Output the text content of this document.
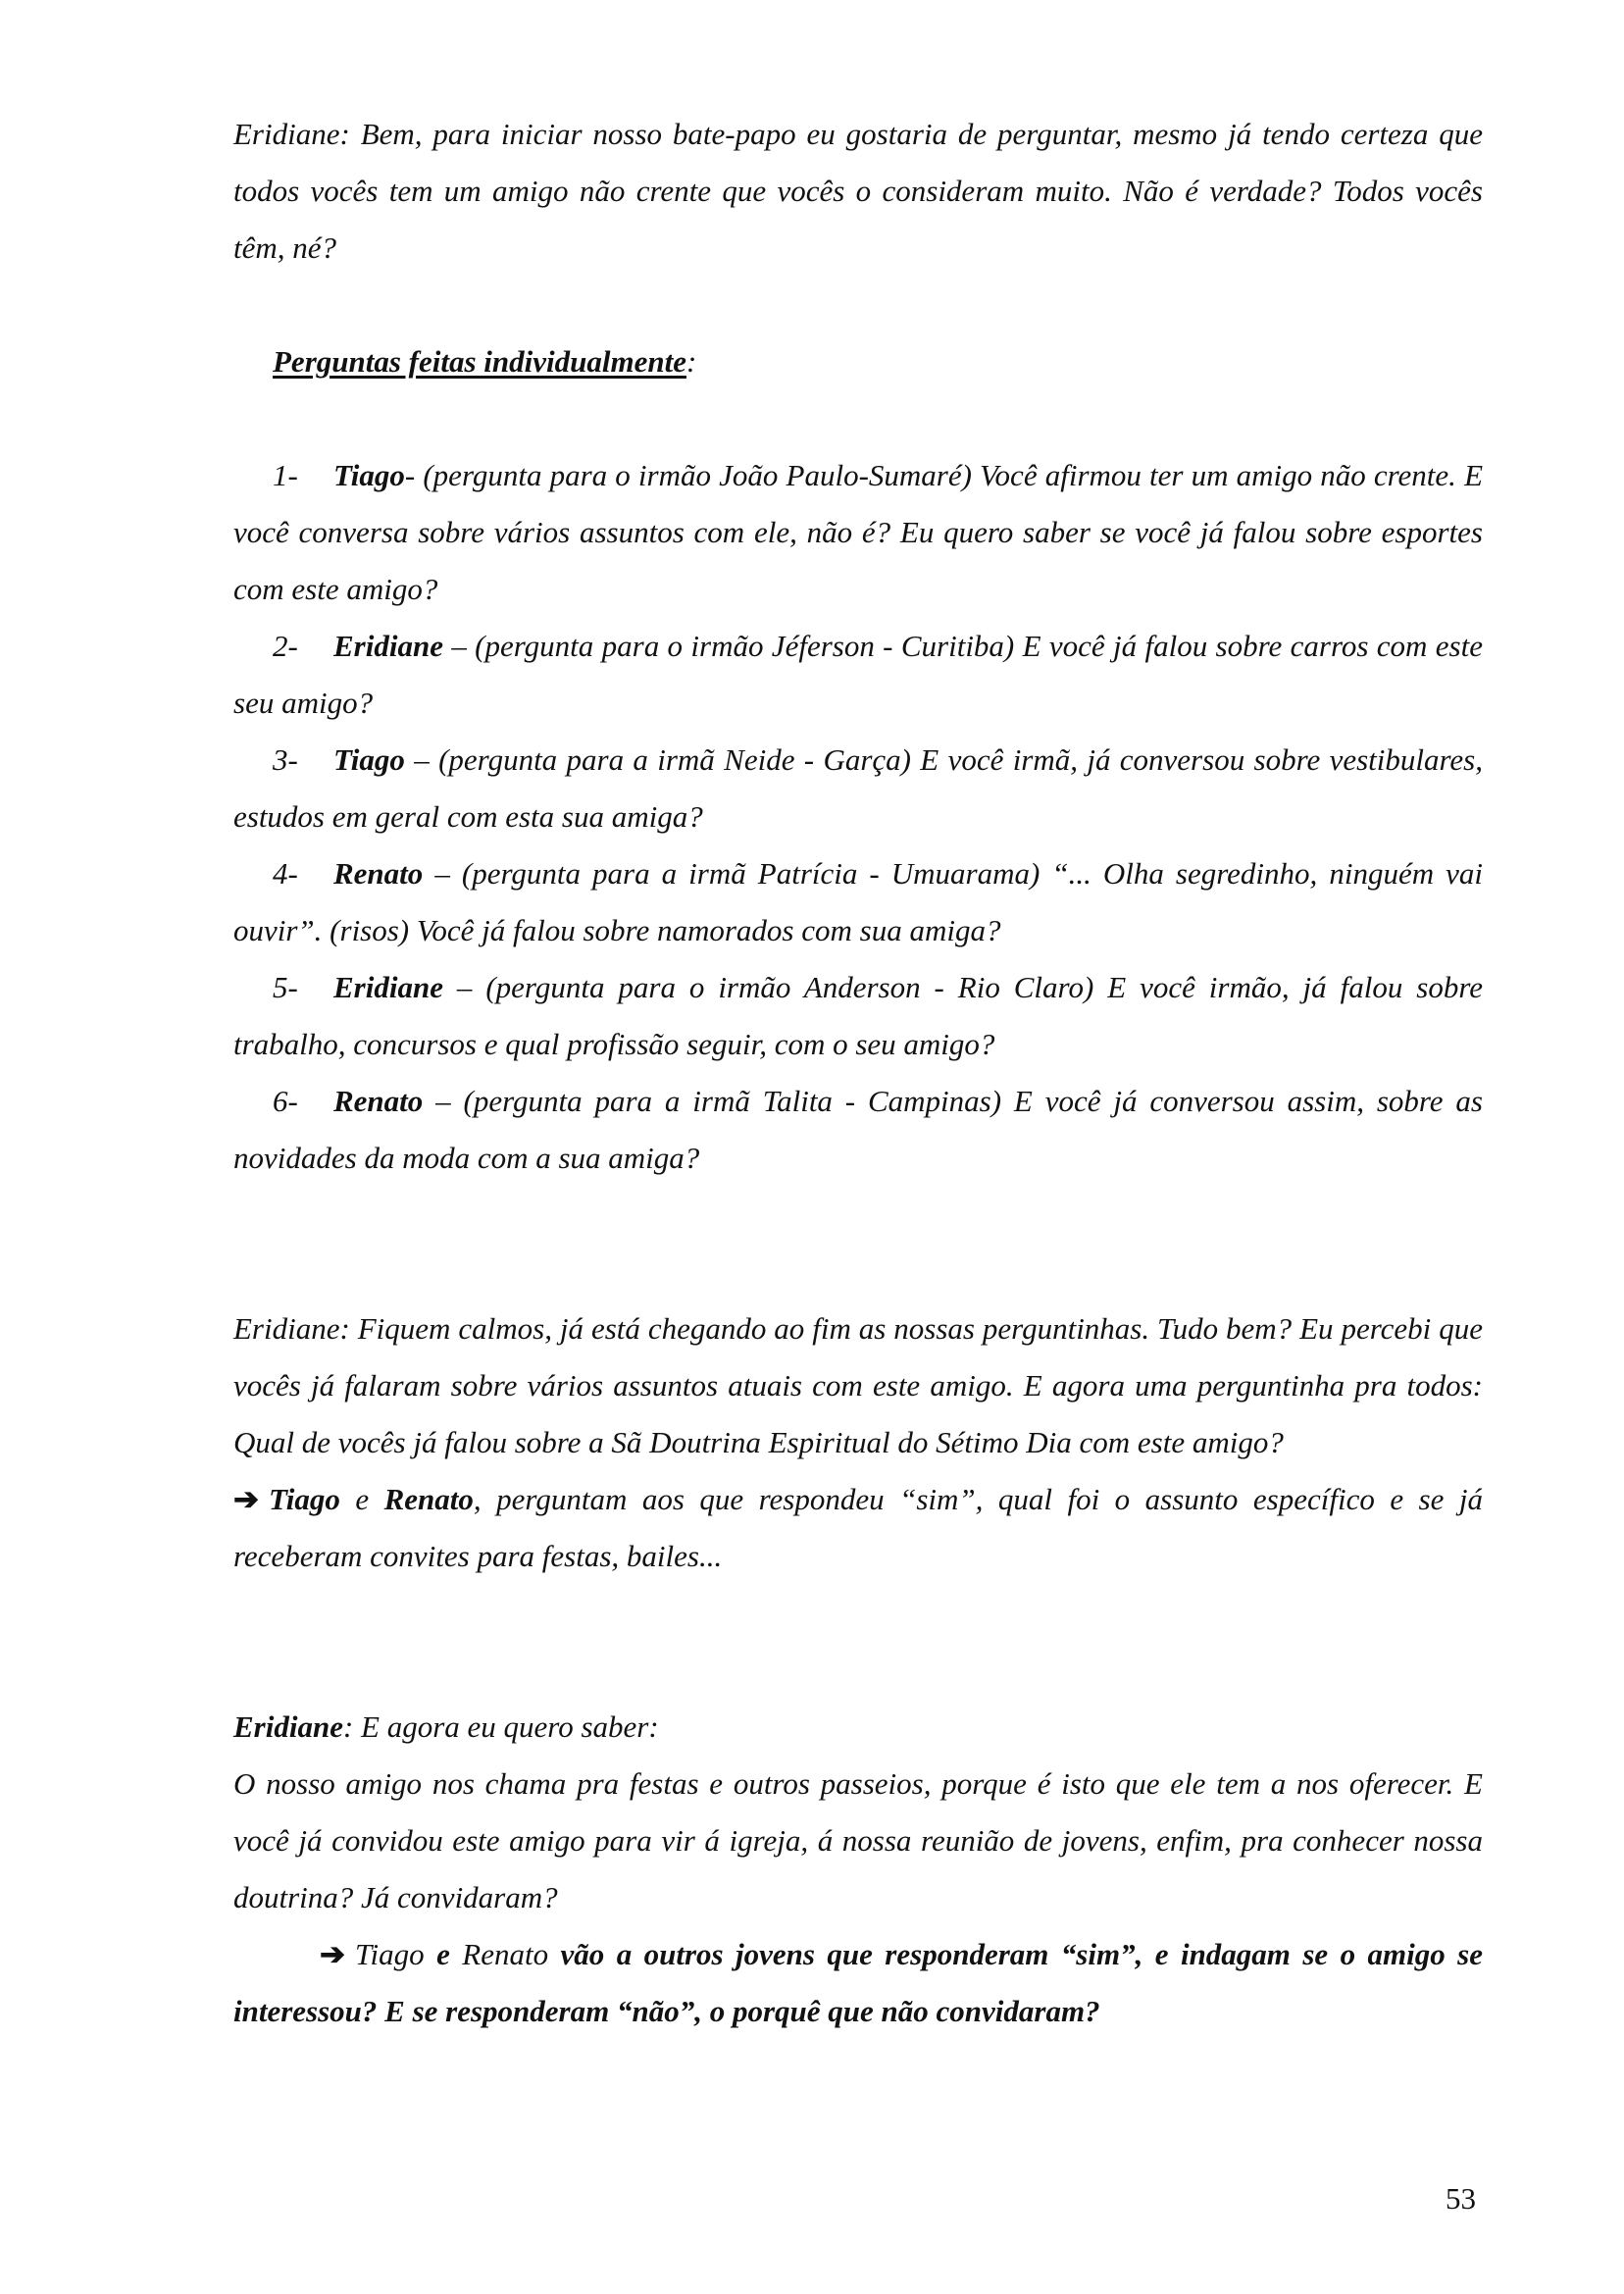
Eridiane: Bem, para iniciar nosso bate-papo eu gostaria de perguntar, mesmo já tendo certeza que todos vocês tem um amigo não crente que vocês o consideram muito. Não é verdade? Todos vocês têm, né?

Perguntas feitas individualmente:

1- Tiago- (pergunta para o irmão João Paulo-Sumaré) Você afirmou ter um amigo não crente. E você conversa sobre vários assuntos com ele, não é? Eu quero saber se você já falou sobre esportes com este amigo?

2- Eridiane – (pergunta para o irmão Jéferson - Curitiba) E você já falou sobre carros com este seu amigo?

3- Tiago – (pergunta para a irmã Neide - Garça) E você irmã, já conversou sobre vestibulares, estudos em geral com esta sua amiga?

4- Renato – (pergunta para a irmã Patrícia - Umuarama) “... Olha segredinho, ninguém vai ouvir”. (risos) Você já falou sobre namorados com sua amiga?

5- Eridiane – (pergunta para o irmão Anderson - Rio Claro) E você irmão, já falou sobre trabalho, concursos e qual profissão seguir, com o seu amigo?

6- Renato – (pergunta para a irmã Talita - Campinas) E você já conversou assim, sobre as novidades da moda com a sua amiga?

Eridiane: Fiquem calmos, já está chegando ao fim as nossas perguntinhas. Tudo bem? Eu percebi que vocês já falaram sobre vários assuntos atuais com este amigo. E agora uma perguntinha pra todos: Qual de vocês já falou sobre a Sã Doutrina Espiritual do Sétimo Dia com este amigo?

➔ Tiago e Renato, perguntam aos que respondeu “sim”, qual foi o assunto específico e se já receberam convites para festas, bailes...

Eridiane: E agora eu quero saber:

O nosso amigo nos chama pra festas e outros passeios, porque é isto que ele tem a nos oferecer. E você já convidou este amigo para vir á igreja, á nossa reunião de jovens, enfim, pra conhecer nossa doutrina? Já convidaram?

➔ Tiago e Renato vão a outros jovens que responderam “sim”, e indagam se o amigo se interessou? E se responderam “não”, o porquê que não convidaram?

53
